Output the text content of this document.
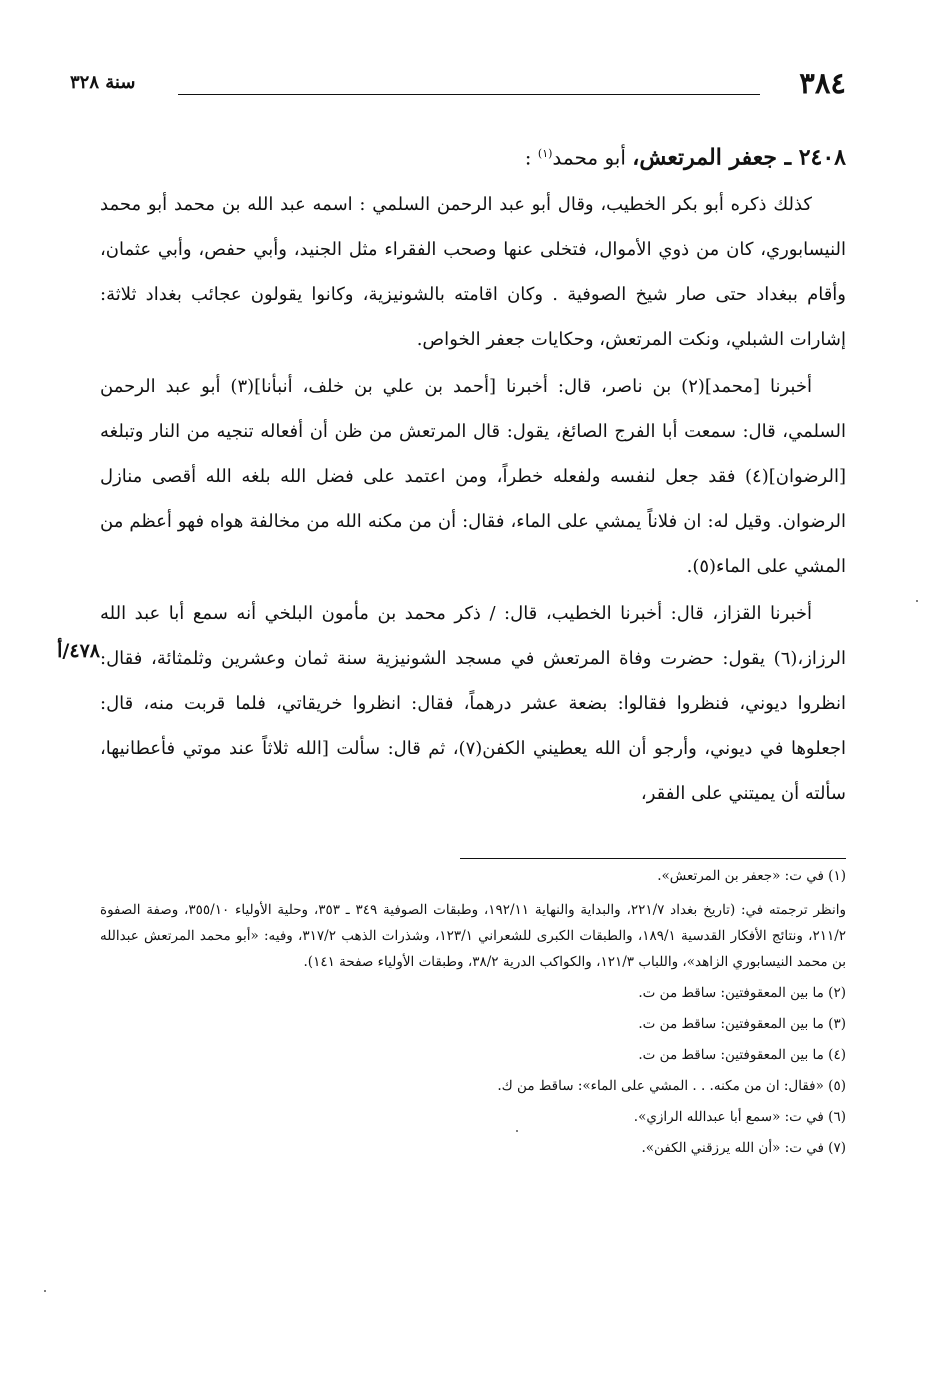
٣٨٤
سنة ٣٢٨

٢٤٠٨ ـ جعفر المرتعش، أبو محمد$^{(١)}$ :

كذلك ذكره أبو بكر الخطيب، وقال أبو عبد الرحمن السلمي : اسمه عبد الله بن محمد أبو محمد النيسابوري، كان من ذوي الأموال، فتخلى عنها وصحب الفقراء مثل الجنيد، وأبي حفص، وأبي عثمان، وأقام ببغداد حتى صار شيخ الصوفية . وكان اقامته بالشونيزية، وكانوا يقولون عجائب بغداد ثلاثة: إشارات الشبلي، ونكت المرتعش، وحكايات جعفر الخواص.

أخبرنا [محمد](٢) بن ناصر، قال: أخبرنا [أحمد بن علي بن خلف، أنبأنا](٣) أبو عبد الرحمن السلمي، قال: سمعت أبا الفرج الصائغ، يقول: قال المرتعش من ظن أن أفعاله تنجيه من النار وتبلغه [الرضوان](٤) فقد جعل لنفسه ولفعله خطراً، ومن اعتمد على فضل الله بلغه الله أقصى منازل الرضوان. وقيل له: ان فلاناً يمشي على الماء، فقال: أن من مكنه الله من مخالفة هواه فهو أعظم من المشي على الماء(٥).

أخبرنا القزاز، قال: أخبرنا الخطيب، قال: / ذكر محمد بن مأمون البلخي أنه سمع أبا عبد الله الرزاز،(٦) يقول: حضرت وفاة المرتعش في مسجد الشونيزية سنة ثمان وعشرين وثلمثائة، فقال: انظروا ديوني، فنظروا فقالوا: بضعة عشر درهماً، فقال: انظروا خريقاتي، فلما قربت منه، قال: اجعلوها في ديوني، وأرجو أن الله يعطيني الكفن(٧)، ثم قال: سألت [الله ثلاثاً عند موتي فأعطانيها، سألته أن يميتني على الفقر،

٤٧٨/أ

(١) في ت: «جعفر بن المرتعش».

وانظر ترجمته في: (تاريخ بغداد ٢٢١/٧، والبداية والنهاية ١٩٢/١١، وطبقات الصوفية ٣٤٩ ـ ٣٥٣، وحلية الأولياء ٣٥٥/١٠، وصفة الصفوة ٢١١/٢، ونتائج الأفكار القدسية ١٨٩/١، والطبقات الكبرى للشعراني ١٢٣/١، وشذرات الذهب ٣١٧/٢، وفيه: «أبو محمد المرتعش عبدالله بن محمد النيسابوري الزاهد»، واللباب ١٢١/٣، والكواكب الدرية ٣٨/٢، وطبقات الأولياء صفحة ١٤١).

(٢) ما بين المعقوفتين: ساقط من ت.

(٣) ما بين المعقوفتين: ساقط من ت.

(٤) ما بين المعقوفتين: ساقط من ت.

(٥) «فقال: ان من مكنه. . . المشي على الماء»: ساقط من ك.

(٦) في ت: «سمع أبا عبدالله الرازي».

(٧) في ت: «أن الله يرزقني الكفن».
